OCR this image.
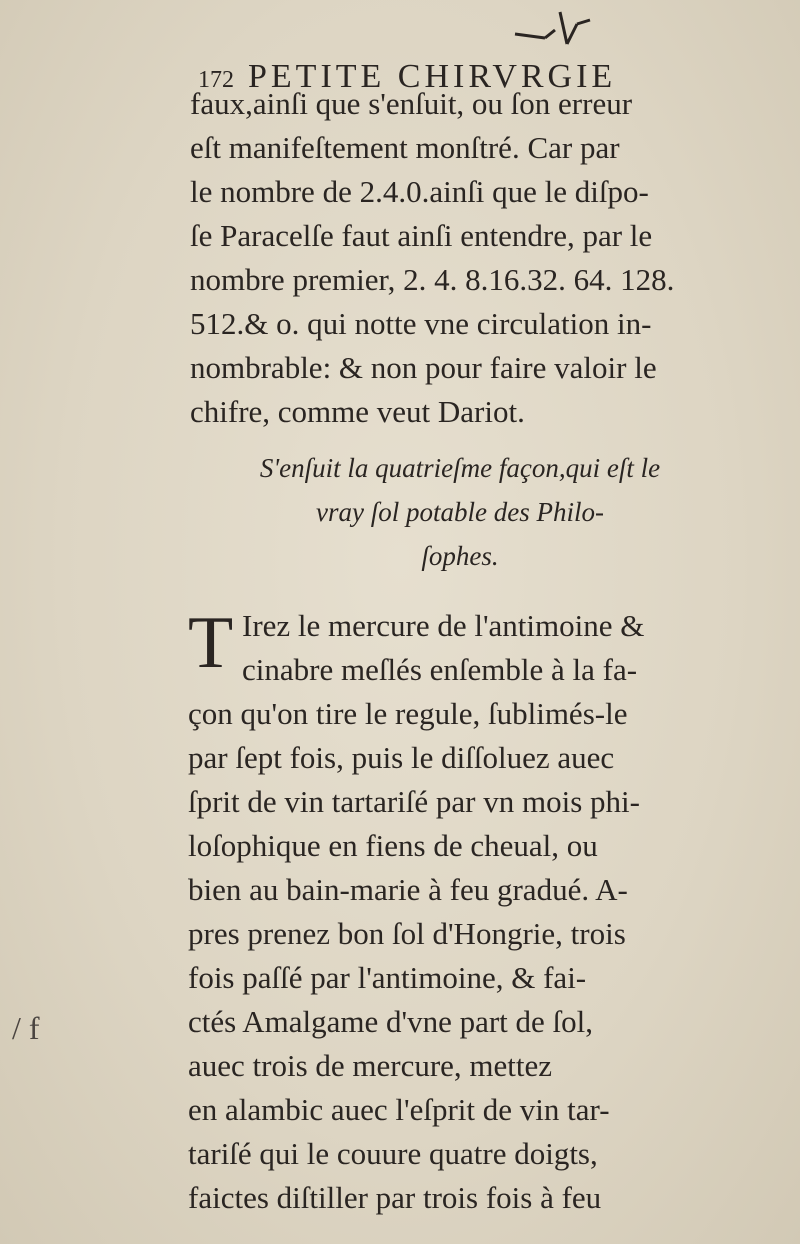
172 PETITE CHIRVRGIE
faux,ainſi que s'enſuit, ou ſon erreur
eſt manifeſtement monſtré. Car par
le nombre de 2.4.0.ainſi que le diſpo-
ſe Paracelſe faut ainſi entendre, par le
nombre premier, 2. 4. 8.16.32. 64. 128.
512.& o. qui notte vne circulation in-
nombrable: & non pour faire valoir le
chifre, comme veut Dariot.
S'enſuit la quatrieſme façon,qui eſt le
vray ſol potable des Philo-
ſophes.
T Irez le mercure de l'antimoine &
cinabre meſlés enſemble à la fa-
çon qu'on tire le regule, ſublimés-le
par ſept fois, puis le diſſoluez auec
ſprit de vin tartariſé par vn mois phi-
loſophique en fiens de cheual, ou
bien au bain-marie à feu gradué. A-
pres prenez bon ſol d'Hongrie, trois
fois paſſé par l'antimoine, & fai-
ctés Amalgame d'vne part de ſol,
auec trois de mercure, mettez
en alambic auec l'eſprit de vin tar-
tariſé qui le couure quatre doigts,
faictes diſtiller par trois fois à feu
/ f
